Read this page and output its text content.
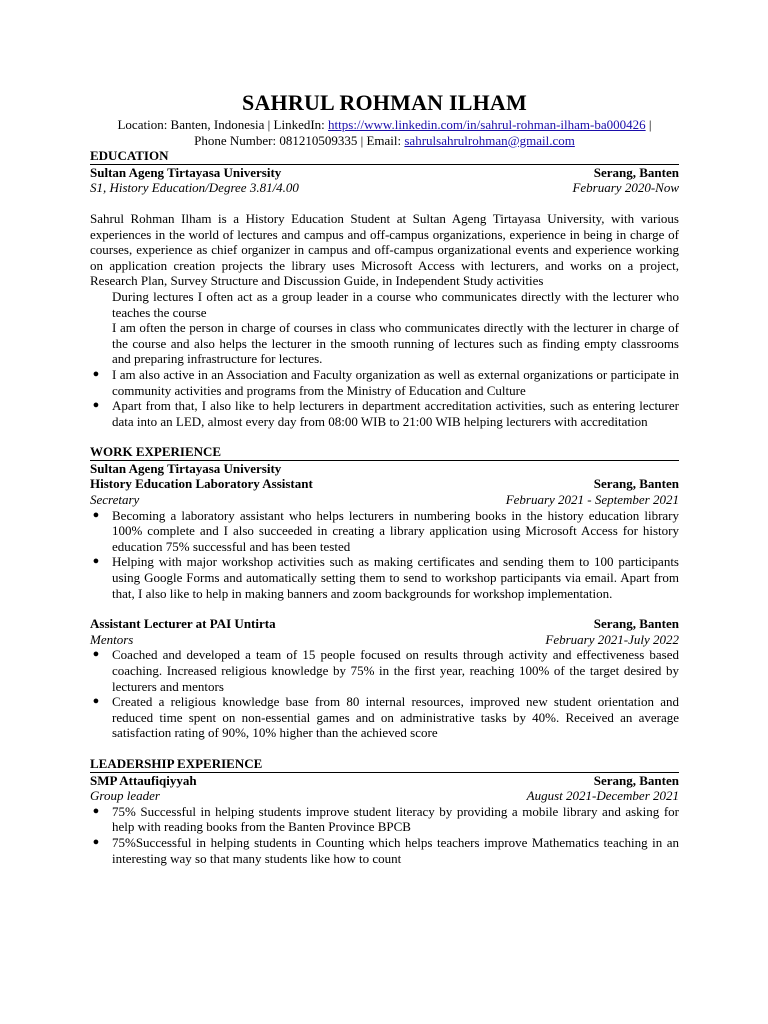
SAHRUL ROHMAN ILHAM
Location: Banten, Indonesia | LinkedIn: https://www.linkedin.com/in/sahrul-rohman-ilham-ba000426 |
Phone Number: 081210509335 | Email: sahrulsahrulrohman@gmail.com
EDUCATION
Sultan Ageng Tirtayasa University	Serang, Banten
S1, History Education/Degree 3.81/4.00	February 2020-Now

Sahrul Rohman Ilham is a History Education Student at Sultan Ageng Tirtayasa University, with various experiences in the world of lectures and campus and off-campus organizations, experience in being in charge of courses, experience as chief organizer in campus and off-campus organizational events and experience working on application creation projects the library uses Microsoft Access with lecturers, and works on a project, Research Plan, Survey Structure and Discussion Guide, in Independent Study activities

During lectures I often act as a group leader in a course who communicates directly with the lecturer who teaches the course
I am often the person in charge of courses in class who communicates directly with the lecturer in charge of the course and also helps the lecturer in the smooth running of lectures such as finding empty classrooms and preparing infrastructure for lectures.
● I am also active in an Association and Faculty organization as well as external organizations or participate in community activities and programs from the Ministry of Education and Culture
● Apart from that, I also like to help lecturers in department accreditation activities, such as entering lecturer data into an LED, almost every day from 08:00 WIB to 21:00 WIB helping lecturers with accreditation
WORK EXPERIENCE
Sultan Ageng Tirtayasa University
History Education Laboratory Assistant	Serang, Banten
Secretary	February 2021 - September 2021
● Becoming a laboratory assistant who helps lecturers in numbering books in the history education library 100% complete and I also succeeded in creating a library application using Microsoft Access for history education 75% successful and has been tested
● Helping with major workshop activities such as making certificates and sending them to 100 participants using Google Forms and automatically setting them to send to workshop participants via email. Apart from that, I also like to help in making banners and zoom backgrounds for workshop implementation.
Assistant Lecturer at PAI Untirta	Serang, Banten
Mentors	February 2021-July 2022
● Coached and developed a team of 15 people focused on results through activity and effectiveness based coaching. Increased religious knowledge by 75% in the first year, reaching 100% of the target desired by lecturers and mentors
● Created a religious knowledge base from 80 internal resources, improved new student orientation and reduced time spent on non-essential games and on administrative tasks by 40%. Received an average satisfaction rating of 90%, 10% higher than the achieved score
LEADERSHIP EXPERIENCE
SMP Attaufiqiyyah	Serang, Banten
Group leader	August 2021-December 2021
● 75% Successful in helping students improve student literacy by providing a mobile library and asking for help with reading books from the Banten Province BPCB
● 75%Successful in helping students in Counting which helps teachers improve Mathematics teaching in an interesting way so that many students like how to count
